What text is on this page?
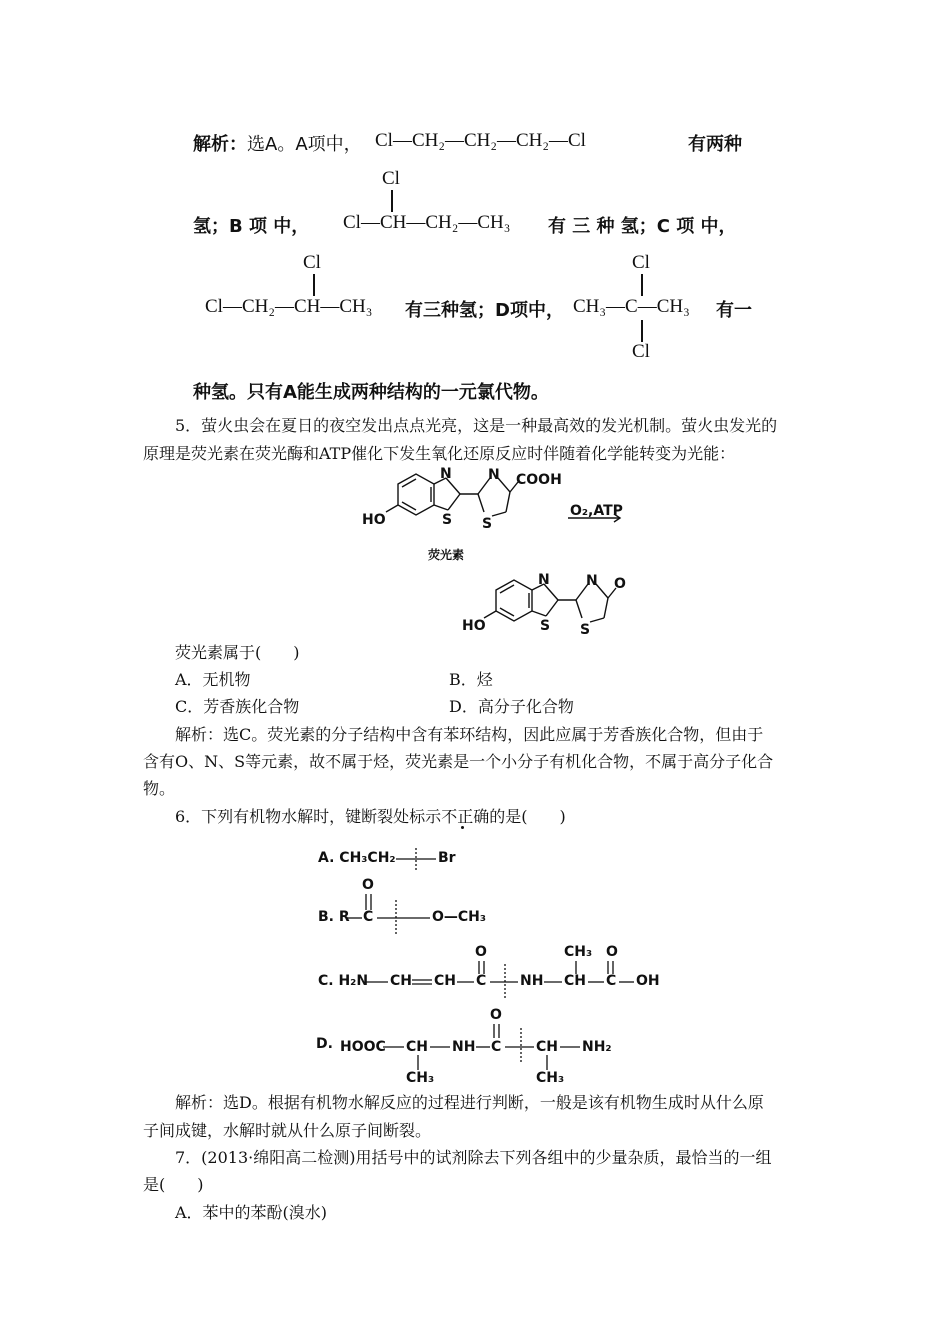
解析：选A。A项中， Cl—CH₂—CH₂—CH₂—Cl	有两种
Cl
氢；B 项 中， Cl—CH—CH₂—CH₃ 有 三 种 氢；C 项 中，
Cl
Cl—CH₂—CH—CH₃ 有三种氢；D项中，
Cl
CH₃—C—CH₃
Cl
有一
种氢。只有A能生成两种结构的一元氯代物。
5．萤火虫会在夏日的夜空发出点点光亮，这是一种最高效的发光机制。萤火虫发光的
原理是荧光素在荧光酶和ATP催化下发生氧化还原反应时伴随着化学能转变为光能：
N
S
HO
N
S
COOH
O₂,ATP
荧光素
N
S
HO
N
S
O
荧光素属于(　　)
A．无机物	B．烃
C．芳香族化合物	D．高分子化合物
解析：选C。荧光素的分子结构中含有苯环结构，因此应属于芳香族化合物，但由于
含有O、N、S等元素，故不属于烃，荧光素是一个小分子有机化合物，不属于高分子化合
物。
6．下列有机物水解时，键断裂处标示不正确的是(　　)
A. CH₃CH₂	Br
O
B. R C	O—CH₃
O	CH₃ O
C. H₂N CH CH C NH CH C OH
O
D. HOOC CH NH C CH NH₂
CH₃	CH₃
解析：选D。根据有机物水解反应的过程进行判断，一般是该有机物生成时从什么原
子间成键，水解时就从什么原子间断裂。
7．(2013·绵阳高二检测)用括号中的试剂除去下列各组中的少量杂质，最恰当的一组
是(　　)
A．苯中的苯酚(溴水)
